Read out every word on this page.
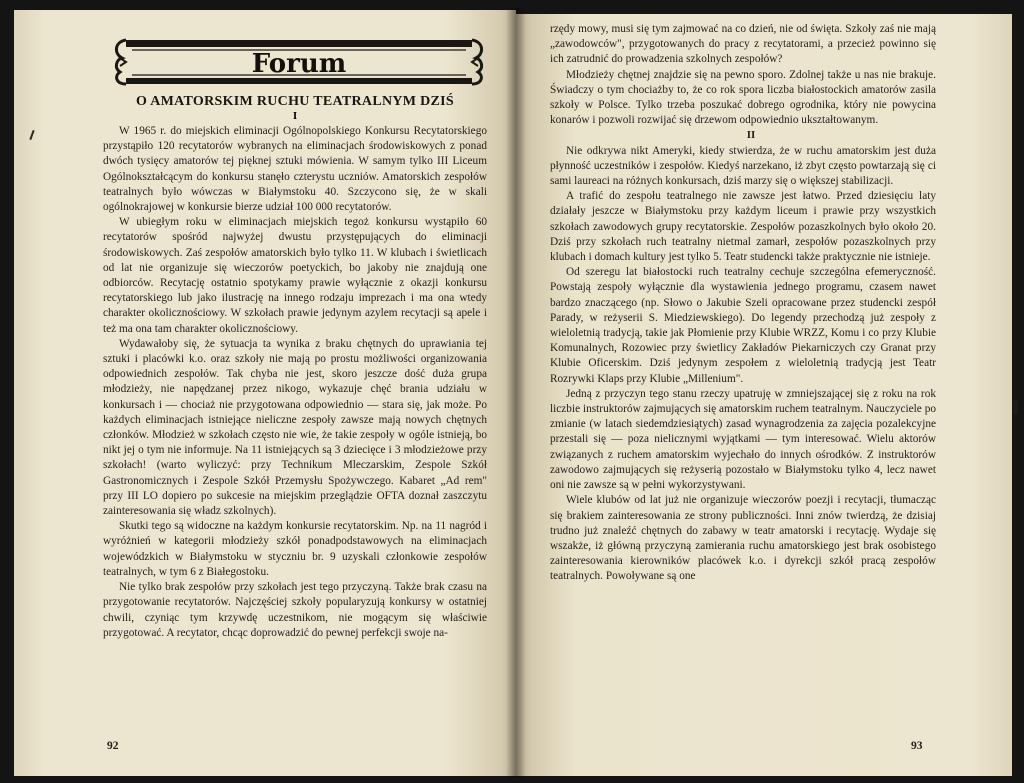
Forum
O AMATORSKIM RUCHU TEATRALNYM DZIŚ

I

W 1965 r. do miejskich eliminacji Ogólnopolskiego Konkursu Recytatorskiego przystąpiło 120 recytatorów wybranych na eliminacjach środowiskowych z ponad dwóch tysięcy amatorów tej pięknej sztuki mówienia. W samym tylko III Liceum Ogólnokształcącym do konkursu stanęło czterystu uczniów. Amatorskich zespołów teatralnych było wówczas w Białymstoku 40. Szczycono się, że w skali ogólnokrajowej w konkursie bierze udział 100 000 recytatorów.

W ubiegłym roku w eliminacjach miejskich tegoż konkursu wystąpiło 60 recytatorów spośród najwyżej dwustu przystępujących do eliminacji środowiskowych. Zaś zespołów amatorskich było tylko 11. W klubach i świetlicach od lat nie organizuje się wieczorów poetyckich, bo jakoby nie znajdują one odbiorców. Recytację ostatnio spotykamy prawie wyłącznie z okazji konkursu recytatorskiego lub jako ilustrację na innego rodzaju imprezach i ma ona wtedy charakter okolicznościowy. W szkołach prawie jedynym azylem recytacji są apele i też ma ona tam charakter okolicznościowy.

Wydawałoby się, że sytuacja ta wynika z braku chętnych do uprawiania tej sztuki i placówki k.o. oraz szkoły nie mają po prostu możliwości organizowania odpowiednich zespołów. Tak chyba nie jest, skoro jeszcze dość duża grupa młodzieży, nie napędzanej przez nikogo, wykazuje chęć brania udziału w konkursach i — chociaż nie przygotowana odpowiednio — stara się, jak może. Po każdych eliminacjach istniejące nieliczne zespoły zawsze mają nowych chętnych członków. Młodzież w szkołach często nie wie, że takie zespoły w ogóle istnieją, bo nikt jej o tym nie informuje. Na 11 istniejących są 3 dziecięce i 3 młodzieżowe przy szkołach! (warto wyliczyć: przy Technikum Mleczarskim, Zespole Szkół Gastronomicznych i Zespole Szkół Przemysłu Spożywczego. Kabaret „Ad rem" przy III LO dopiero po sukcesie na miejskim przeglądzie OFTA doznał zaszczytu zainteresowania się władz szkolnych).

Skutki tego są widoczne na każdym konkursie recytatorskim. Np. na 11 nagród i wyróżnień w kategorii młodzieży szkół ponadpodstawowych na eliminacjach wojewódzkich w Białymstoku w styczniu br. 9 uzyskali członkowie zespołów teatralnych, w tym 6 z Białegostoku.

Nie tylko brak zespołów przy szkołach jest tego przyczyną. Także brak czasu na przygotowanie recytatorów. Najczęściej szkoły popularyzują konkursy w ostatniej chwili, czyniąc tym krzywdę uczestnikom, nie mogącym się właściwie przygotować. A recytator, chcąc doprowadzić do pewnej perfekcji swoje na-

92

rzędy mowy, musi się tym zajmować na co dzień, nie od święta. Szkoły zaś nie mają „zawodowców", przygotowanych do pracy z recytatorami, a przecież powinno się ich zatrudnić do prowadzenia szkolnych zespołów?

Młodzieży chętnej znajdzie się na pewno sporo. Zdolnej także u nas nie brakuje. Świadczy o tym chociażby to, że co rok spora liczba białostockich amatorów zasila szkoły w Polsce. Tylko trzeba poszukać dobrego ogrodnika, który nie powycina konarów i pozwoli rozwijać się drzewom odpowiednio ukształtowanym.

II

Nie odkrywa nikt Ameryki, kiedy stwierdza, że w ruchu amatorskim jest duża płynność uczestników i zespołów. Kiedyś narzekano, iż zbyt często powtarzają się ci sami laureaci na różnych konkursach, dziś marzy się o większej stabilizacji.

A trafić do zespołu teatralnego nie zawsze jest łatwo. Przed dziesięciu laty działały jeszcze w Białymstoku przy każdym liceum i prawie przy wszystkich szkołach zawodowych grupy recytatorskie. Zespołów pozaszkolnych było około 20. Dziś przy szkołach ruch teatralny nietmal zamarł, zespołów pozaszkolnych przy klubach i domach kultury jest tylko 5. Teatr studencki także praktycznie nie istnieje.

Od szeregu lat białostocki ruch teatralny cechuje szczególna efemeryczność. Powstają zespoły wyłącznie dla wystawienia jednego programu, czasem nawet bardzo znaczącego (np. Słowo o Jakubie Szeli opracowane przez studencki zespół Parady, w reżyserii S. Miedziewskiego). Do legendy przechodzą już zespoły z wieloletnią tradycją, takie jak Płomienie przy Klubie WRZZ, Komu i co przy Klubie Komunalnych, Rozowiec przy świetlicy Zakładów Piekarniczych czy Granat przy Klubie Oficerskim. Dziś jedynym zespołem z wieloletnią tradycją jest Teatr Rozrywki Klaps przy Klubie „Millenium".

Jedną z przyczyn tego stanu rzeczy upatruję w zmniejszającej się z roku na rok liczbie instruktorów zajmujących się amatorskim ruchem teatralnym. Nauczyciele po zmianie (w latach siedemdziesiątych) zasad wynagrodzenia za zajęcia pozalekcyjne przestali się — poza nielicznymi wyjątkami — tym interesować. Wielu aktorów związanych z ruchem amatorskim wyjechało do innych ośrodków. Z instruktorów zawodowo zajmujących się reżyserią pozostało w Białymstoku tylko 4, lecz nawet oni nie zawsze są w pełni wykorzystywani.

Wiele klubów od lat już nie organizuje wieczorów poezji i recytacji, tłumacząc się brakiem zainteresowania ze strony publiczności. Inni znów twierdzą, że dzisiaj trudno już znaleźć chętnych do zabawy w teatr amatorski i recytację. Wydaje się wszakże, iż główną przyczyną zamierania ruchu amatorskiego jest brak osobistego zainteresowania kierowników placówek k.o. i dyrekcji szkół pracą zespołów teatralnych. Powoływane są one

93
